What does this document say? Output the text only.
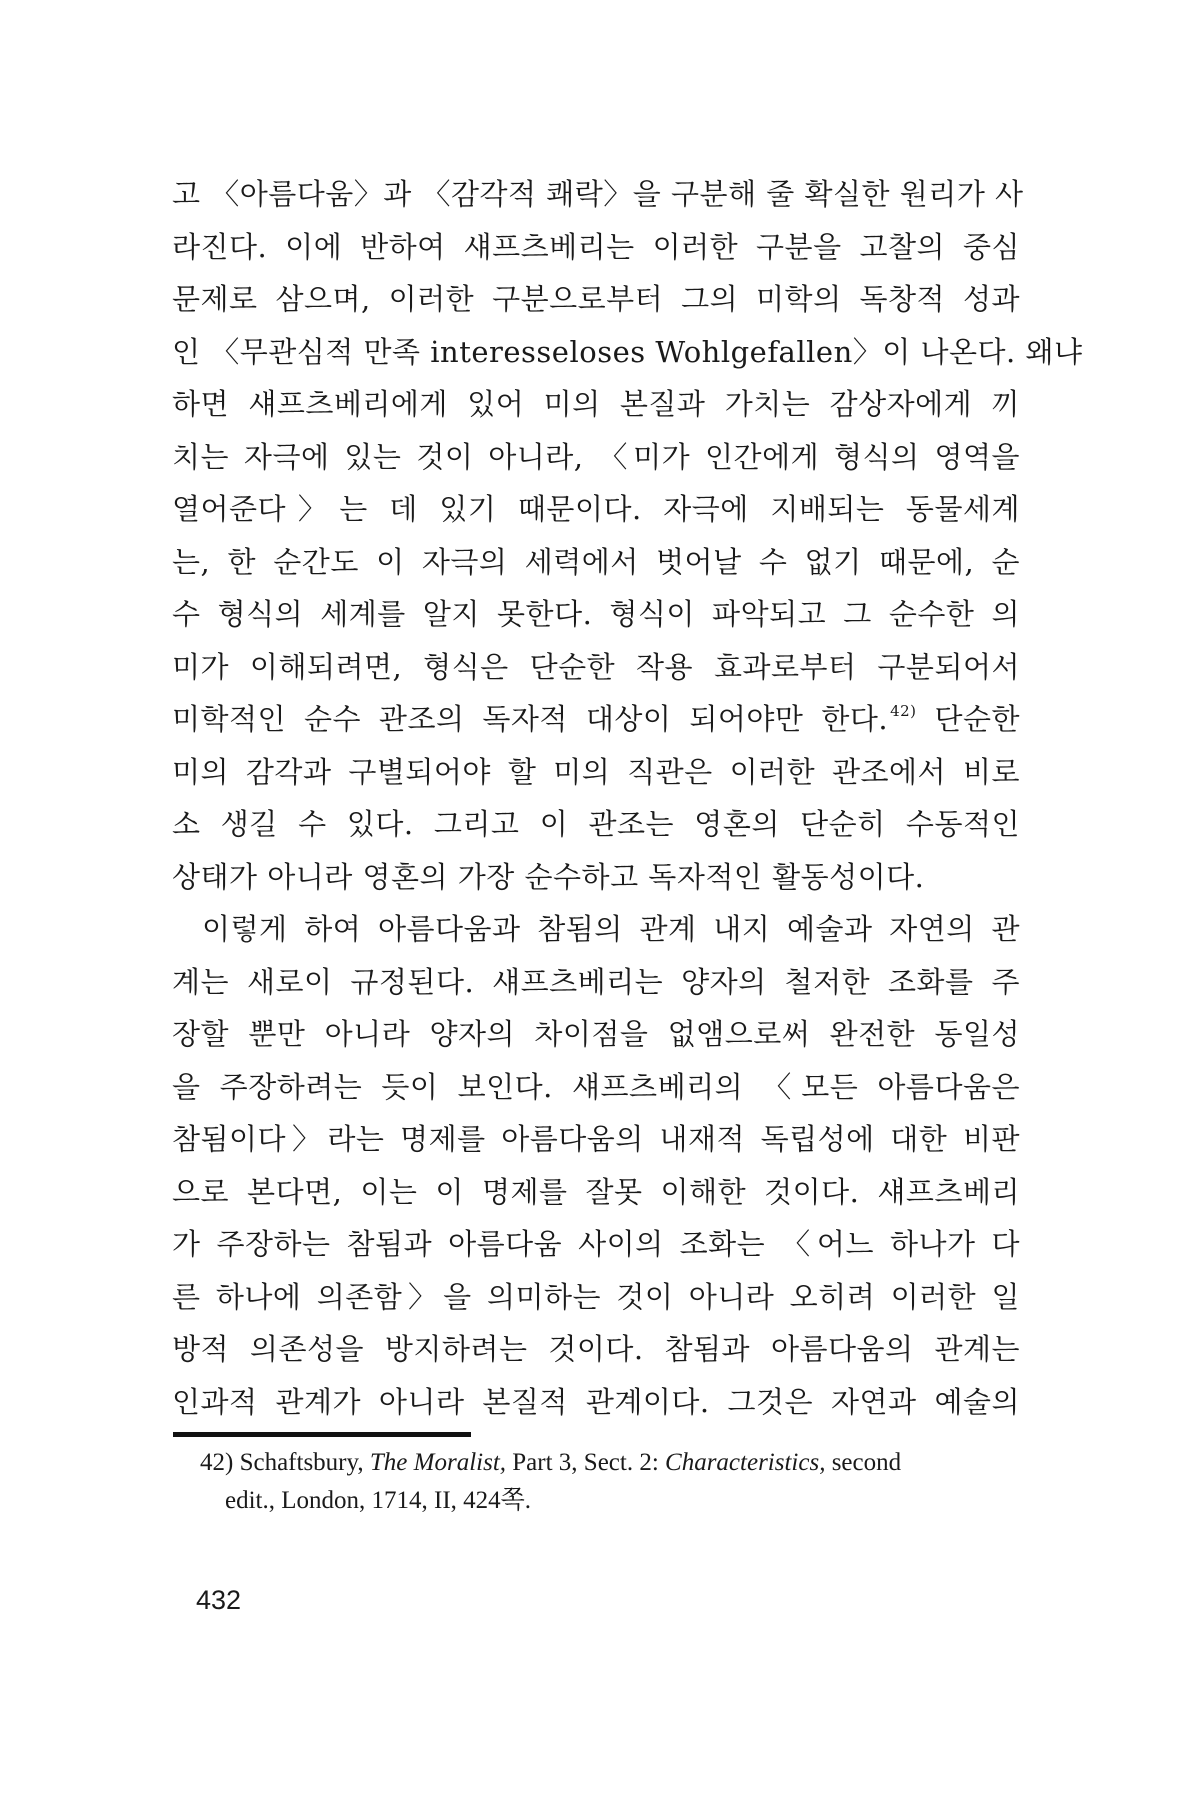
고 〈아름다움〉과 〈감각적 쾌락〉을 구분해 줄 확실한 원리가 사
라진다. 이에 반하여 섀프츠베리는 이러한 구분을 고찰의 중심
문제로 삼으며, 이러한 구분으로부터 그의 미학의 독창적 성과
인 〈무관심적 만족 interesseloses Wohlgefallen〉이 나온다. 왜냐
하면 섀프츠베리에게 있어 미의 본질과 가치는 감상자에게 끼
치는 자극에 있는 것이 아니라, 〈미가 인간에게 형식의 영역을
열어준다〉는 데 있기 때문이다. 자극에 지배되는 동물세계
는, 한 순간도 이 자극의 세력에서 벗어날 수 없기 때문에, 순
수 형식의 세계를 알지 못한다. 형식이 파악되고 그 순수한 의
미가 이해되려면, 형식은 단순한 작용 효과로부터 구분되어서
미학적인 순수 관조의 독자적 대상이 되어야만 한다. $^{42)}$ 단순한
미의 감각과 구별되어야 할 미의 직관은 이러한 관조에서 비로
소 생길 수 있다. 그리고 이 관조는 영혼의 단순히 수동적인
상태가 아니라 영혼의 가장 순수하고 독자적인 활동성이다.
이렇게 하여 아름다움과 참됨의 관계 내지 예술과 자연의 관
계는 새로이 규정된다. 섀프츠베리는 양자의 철저한 조화를 주
장할 뿐만 아니라 양자의 차이점을 없앰으로써 완전한 동일성
을 주장하려는 듯이 보인다. 섀프츠베리의 〈모든 아름다움은
참됨이다〉라는 명제를 아름다움의 내재적 독립성에 대한 비판
으로 본다면, 이는 이 명제를 잘못 이해한 것이다. 섀프츠베리
가 주장하는 참됨과 아름다움 사이의 조화는 〈어느 하나가 다
른 하나에 의존함〉을 의미하는 것이 아니라 오히려 이러한 일
방적 의존성을 방지하려는 것이다. 참됨과 아름다움의 관계는
인과적 관계가 아니라 본질적 관계이다. 그것은 자연과 예술의
42) Schaftsbury, The Moralist, Part 3, Sect. 2: Characteristics, second
edit., London, 1714, II, 424쪽.
432
